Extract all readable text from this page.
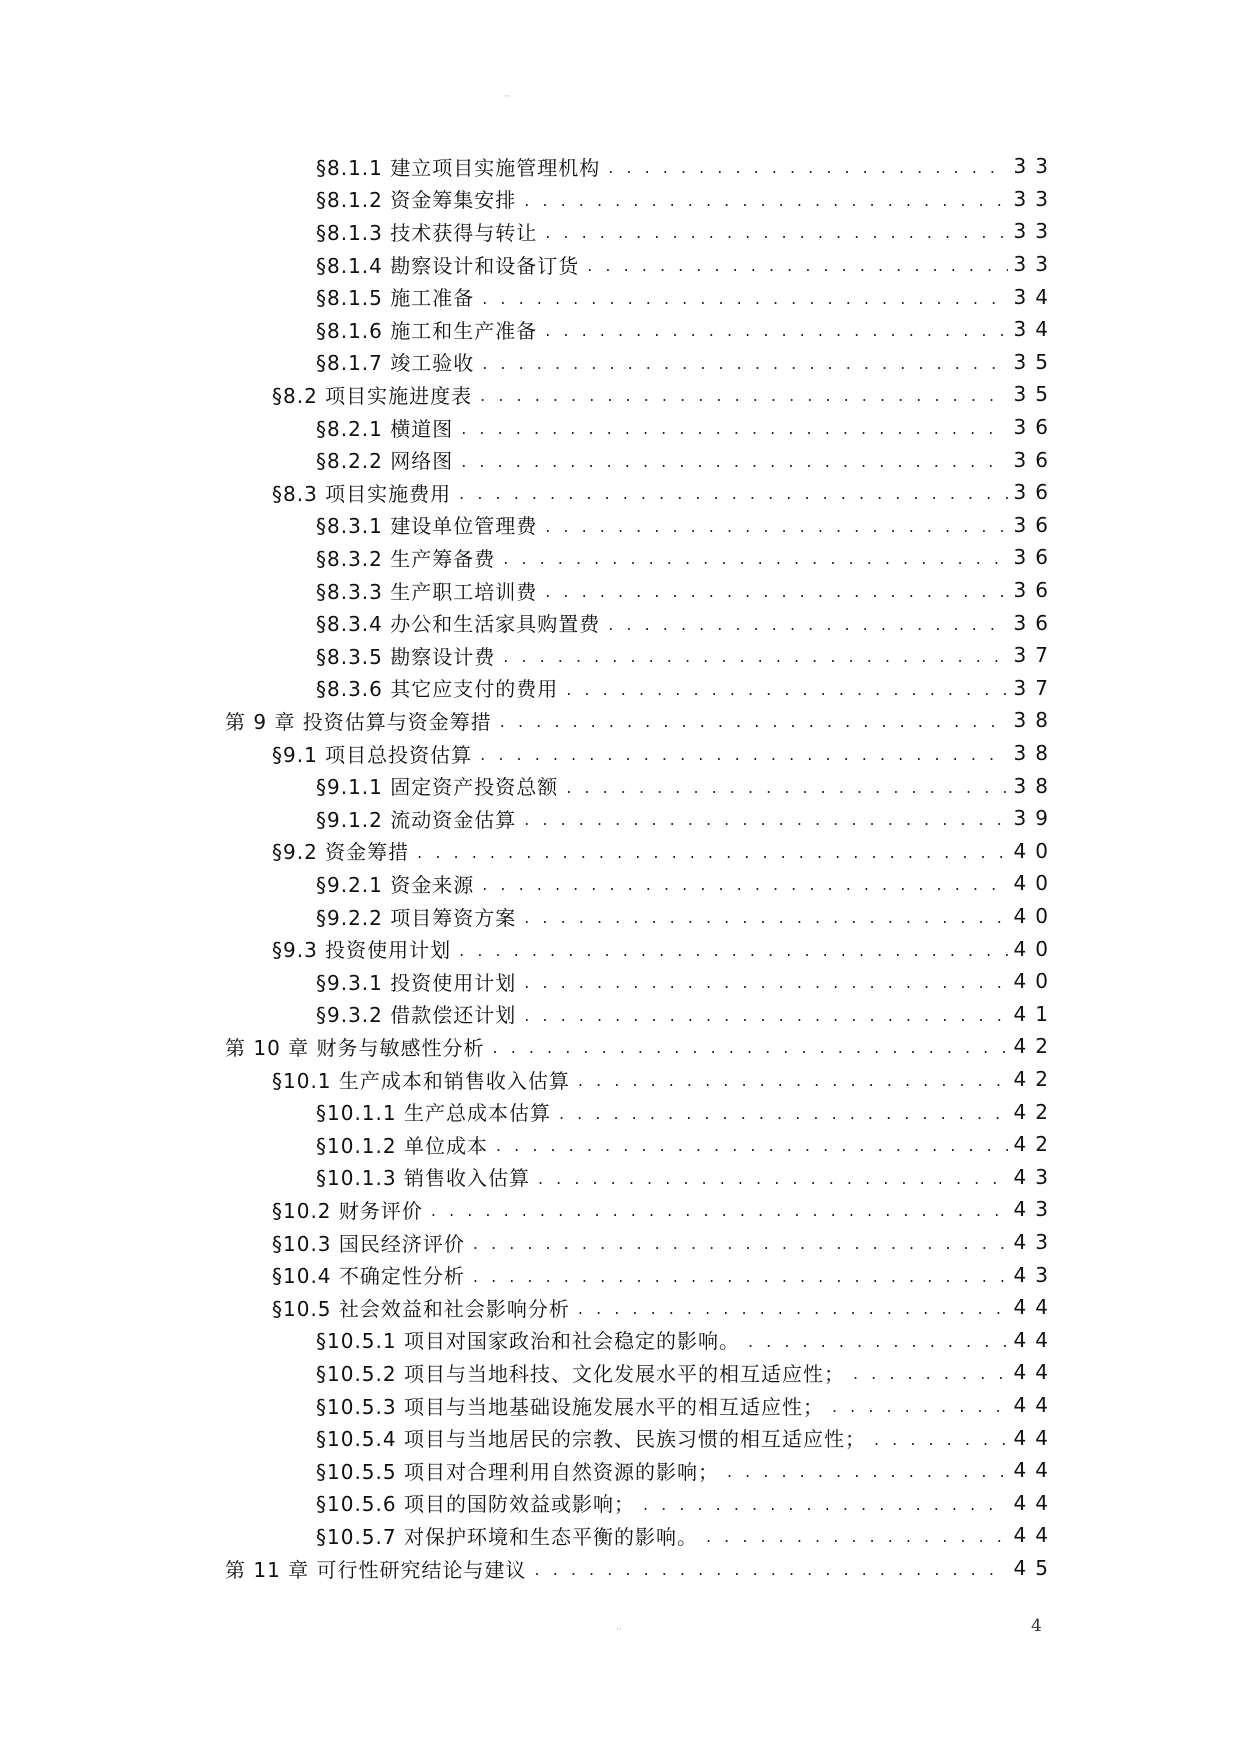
··
§8.1.1 建立项目实施管理机构 . . .	33
§8.1.2 资金筹集安排 . . .	33
§8.1.3 技术获得与转让 . . .	33
§8.1.4 勘察设计和设备订货 . . .	33
§8.1.5 施工准备 . . .	34
§8.1.6 施工和生产准备 . . .	34
§8.1.7 竣工验收 . . .	35
§8.2 项目实施进度表 . . .	35
§8.2.1 横道图 . . .	36
§8.2.2 网络图 . . .	36
§8.3 项目实施费用 . . .	36
§8.3.1 建设单位管理费 . . .	36
§8.3.2 生产筹备费 . . .	36
§8.3.3 生产职工培训费 . . .	36
§8.3.4 办公和生活家具购置费 . . .	36
§8.3.5 勘察设计费 . . .	37
§8.3.6 其它应支付的费用 . . .	37
第 9 章 投资估算与资金筹措 . . .	38
§9.1 项目总投资估算 . . .	38
§9.1.1 固定资产投资总额 . . .	38
§9.1.2 流动资金估算 . . .	39
§9.2 资金筹措 . . .	40
§9.2.1 资金来源 . . .	40
§9.2.2 项目筹资方案 . . .	40
§9.3 投资使用计划 . . .	40
§9.3.1 投资使用计划 . . .	40
§9.3.2 借款偿还计划 . . .	41
第 10 章 财务与敏感性分析 . . .	42
§10.1 生产成本和销售收入估算 . . .	42
§10.1.1 生产总成本估算 . . .	42
§10.1.2 单位成本 . . .	42
§10.1.3 销售收入估算 . . .	43
§10.2 财务评价 . . .	43
§10.3 国民经济评价 . . .	43
§10.4 不确定性分析 . . .	43
§10.5 社会效益和社会影响分析 . . .	44
§10.5.1 项目对国家政治和社会稳定的影响。 . . .	44
§10.5.2 项目与当地科技、文化发展水平的相互适应性； . . .	44
§10.5.3 项目与当地基础设施发展水平的相互适应性； . . .	44
§10.5.4 项目与当地居民的宗教、民族习惯的相互适应性； . . .	44
§10.5.5 项目对合理利用自然资源的影响； . . .	44
§10.5.6 项目的国防效益或影响； . . .	44
§10.5.7 对保护环境和生态平衡的影响。 . . .	44
第 11 章 可行性研究结论与建议 . . .	45
··	4
